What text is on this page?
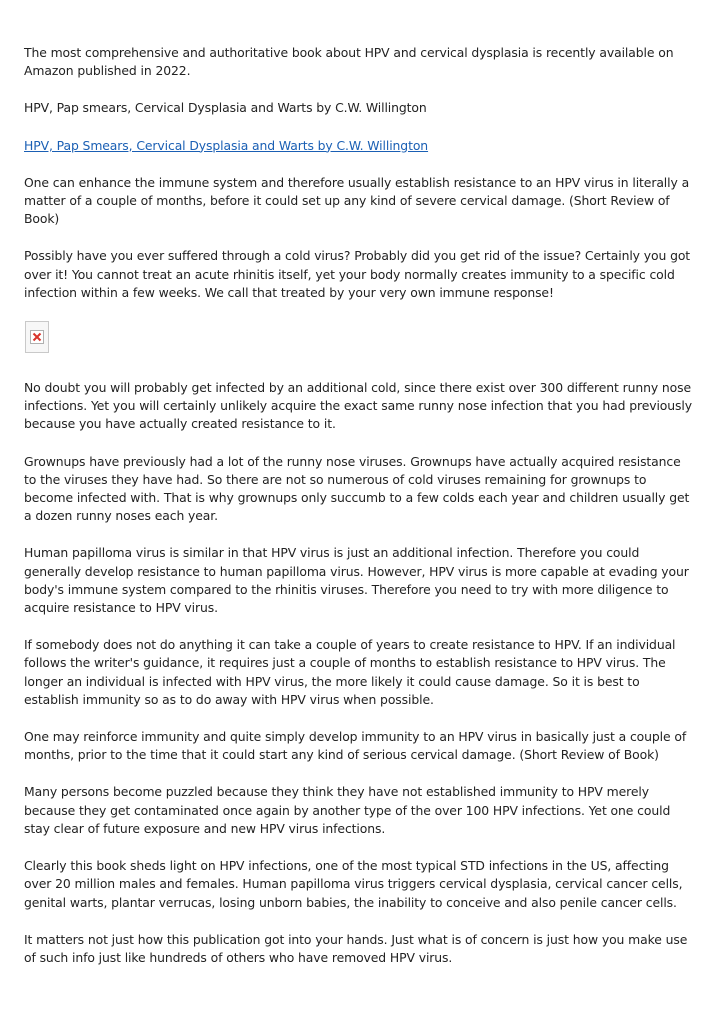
The most comprehensive and authoritative book about HPV and cervical dysplasia is recently available on Amazon published in 2022.

HPV, Pap smears, Cervical Dysplasia and Warts by C.W. Willington

HPV, Pap Smears, Cervical Dysplasia and Warts by C.W. Willington

One can enhance the immune system and therefore usually establish resistance to an HPV virus in literally a matter of a couple of months, before it could set up any kind of severe cervical damage. (Short Review of Book)

Possibly have you ever suffered through a cold virus? Probably did you get rid of the issue? Certainly you got over it! You cannot treat an acute rhinitis itself, yet your body normally creates immunity to a specific cold infection within a few weeks. We call that treated by your very own immune response!

No doubt you will probably get infected by an additional cold, since there exist over 300 different runny nose infections. Yet you will certainly unlikely acquire the exact same runny nose infection that you had previously because you have actually created resistance to it.

Grownups have previously had a lot of the runny nose viruses. Grownups have actually acquired resistance to the viruses they have had. So there are not so numerous of cold viruses remaining for grownups to become infected with. That is why grownups only succumb to a few colds each year and children usually get a dozen runny noses each year.

Human papilloma virus is similar in that HPV virus is just an additional infection. Therefore you could generally develop resistance to human papilloma virus. However, HPV virus is more capable at evading your body's immune system compared to the rhinitis viruses. Therefore you need to try with more diligence to acquire resistance to HPV virus.

If somebody does not do anything it can take a couple of years to create resistance to HPV. If an individual follows the writer's guidance, it requires just a couple of months to establish resistance to HPV virus. The longer an individual is infected with HPV virus, the more likely it could cause damage. So it is best to establish immunity so as to do away with HPV virus when possible.

One may reinforce immunity and quite simply develop immunity to an HPV virus in basically just a couple of months, prior to the time that it could start any kind of serious cervical damage. (Short Review of Book)

Many persons become puzzled because they think they have not established immunity to HPV merely because they get contaminated once again by another type of the over 100 HPV infections. Yet one could stay clear of future exposure and new HPV virus infections.

Clearly this book sheds light on HPV infections, one of the most typical STD infections in the US, affecting over 20 million males and females. Human papilloma virus triggers cervical dysplasia, cervical cancer cells, genital warts, plantar verrucas, losing unborn babies, the inability to conceive and also penile cancer cells.

It matters not just how this publication got into your hands. Just what is of concern is just how you make use of such info just like hundreds of others who have removed HPV virus.
